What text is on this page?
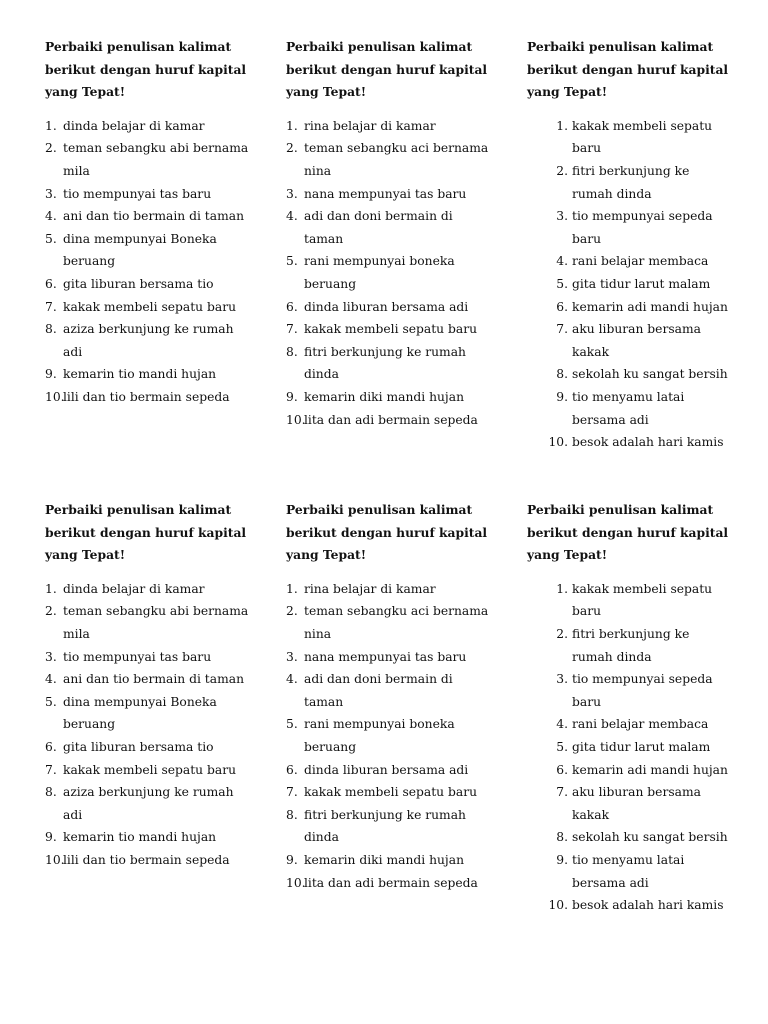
Perbaiki penulisan kalimat
berikut dengan huruf kapital
yang Tepat!
1. dinda belajar di kamar
2. teman sebangku abi bernama
mila
3. tio mempunyai tas baru
4. ani dan tio bermain di taman
5. dina mempunyai Boneka
beruang
6. gita liburan bersama tio
7. kakak membeli sepatu baru
8. aziza berkunjung ke rumah
adi
9. kemarin tio mandi hujan
10.
lili dan tio bermain sepeda
Perbaiki penulisan kalimat
berikut dengan huruf kapital
yang Tepat!
1. rina belajar di kamar
2. teman sebangku aci bernama
nina
3. nana mempunyai tas baru
4. adi dan doni bermain di
taman
5. rani mempunyai boneka
beruang
6. dinda liburan bersama adi
7. kakak membeli sepatu baru
8. fitri berkunjung ke rumah
dinda
9. kemarin diki mandi hujan
10.
lita dan adi bermain sepeda
Perbaiki penulisan kalimat
berikut dengan huruf kapital
yang Tepat!
1. kakak membeli sepatu
baru
2. fitri berkunjung ke
rumah dinda
3. tio mempunyai sepeda
baru
4. rani belajar membaca
5. gita tidur larut malam
6. kemarin adi mandi hujan
7. aku liburan bersama
kakak
8. sekolah ku sangat bersih
9. tio menyamu latai
bersama adi
10. besok adalah hari kamis
Perbaiki penulisan kalimat
berikut dengan huruf kapital
yang Tepat!
1. dinda belajar di kamar
2. teman sebangku abi bernama
mila
3. tio mempunyai tas baru
4. ani dan tio bermain di taman
5. dina mempunyai Boneka
beruang
6. gita liburan bersama tio
7. kakak membeli sepatu baru
8. aziza berkunjung ke rumah
adi
9. kemarin tio mandi hujan
10.
lili dan tio bermain sepeda
Perbaiki penulisan kalimat
berikut dengan huruf kapital
yang Tepat!
1. rina belajar di kamar
2. teman sebangku aci bernama
nina
3. nana mempunyai tas baru
4. adi dan doni bermain di
taman
5. rani mempunyai boneka
beruang
6. dinda liburan bersama adi
7. kakak membeli sepatu baru
8. fitri berkunjung ke rumah
dinda
9. kemarin diki mandi hujan
10.
lita dan adi bermain sepeda
Perbaiki penulisan kalimat
berikut dengan huruf kapital
yang Tepat!
1. kakak membeli sepatu
baru
2. fitri berkunjung ke
rumah dinda
3. tio mempunyai sepeda
baru
4. rani belajar membaca
5. gita tidur larut malam
6. kemarin adi mandi hujan
7. aku liburan bersama
kakak
8. sekolah ku sangat bersih
9. tio menyamu latai
bersama adi
10. besok adalah hari kamis
